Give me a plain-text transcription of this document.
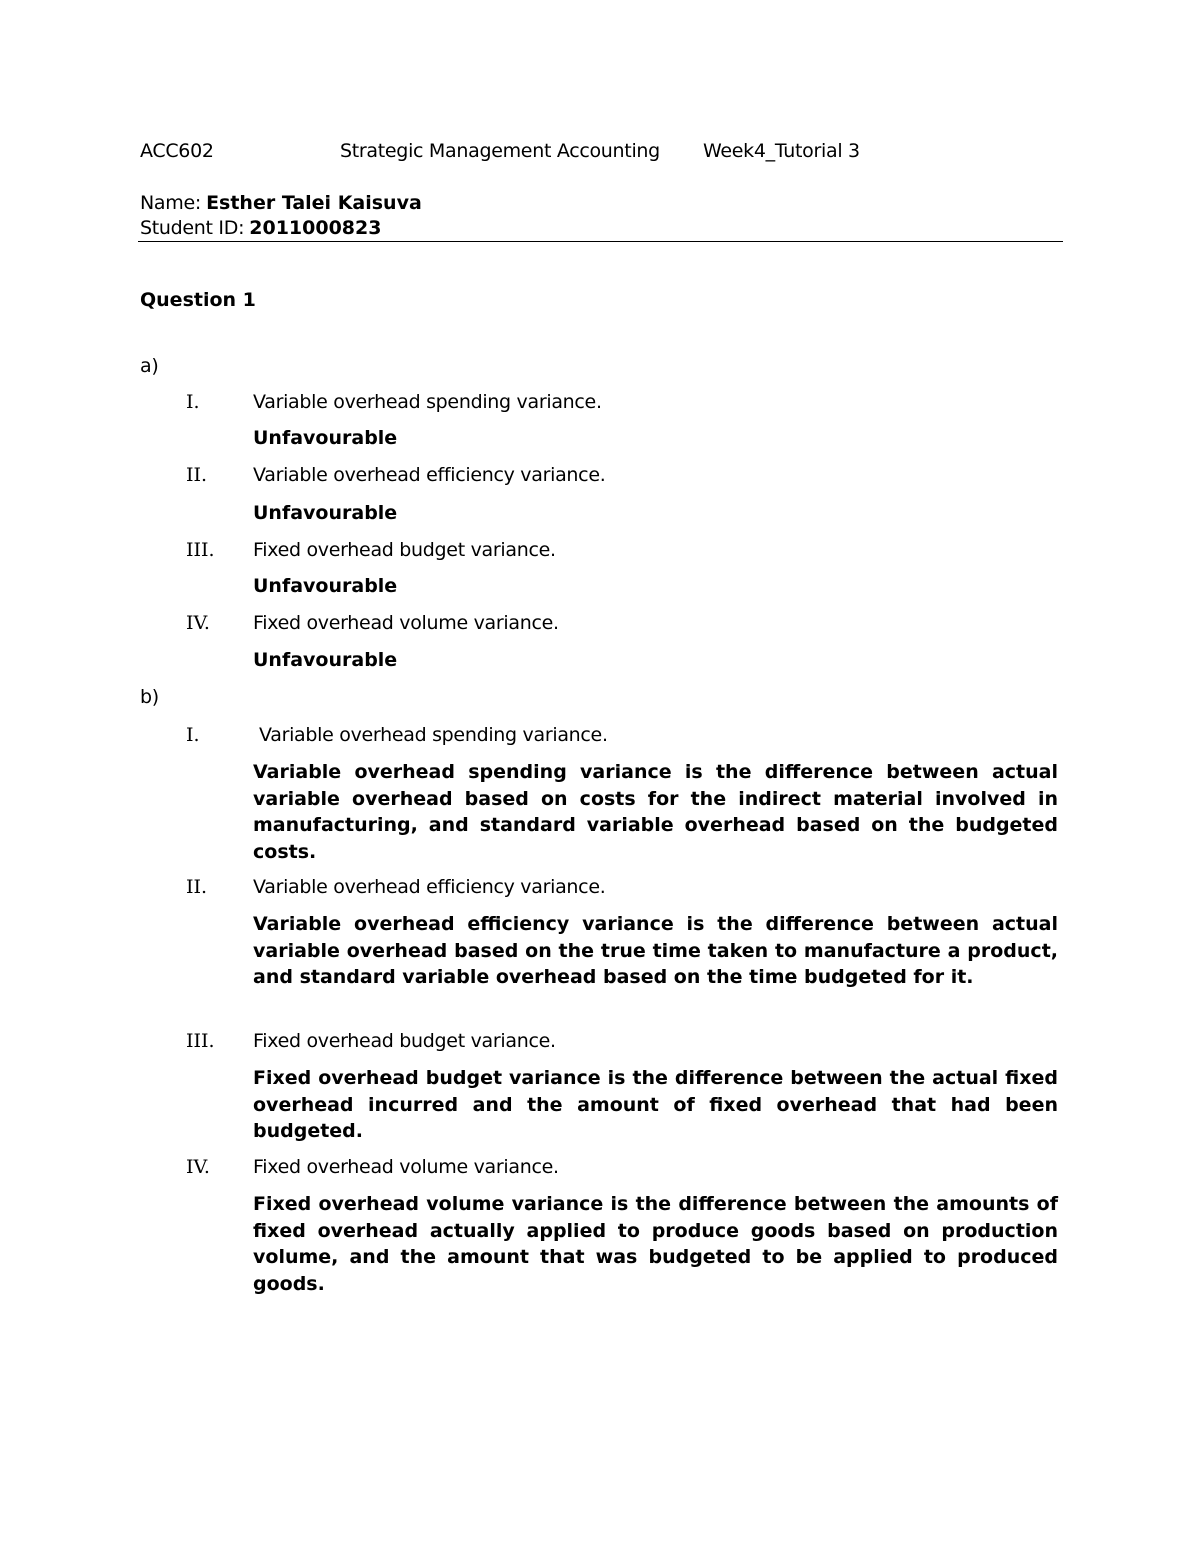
ACC602	Strategic Management Accounting Week4_Tutorial 3
Name: Esther Talei Kaisuva
Student ID: 2011000823
Question 1
a)
I.	Variable overhead spending variance.
Unfavourable
II. Variable overhead efficiency variance.
Unfavourable
III. Fixed overhead budget variance.
Unfavourable
IV. Fixed overhead volume variance.
Unfavourable
b)
I.	Variable overhead spending variance.
Variable overhead spending variance is the difference between actual variable overhead based on costs for the indirect material involved in manufacturing, and standard variable overhead based on the budgeted costs.
II. Variable overhead efficiency variance.
Variable overhead efficiency variance is the difference between actual variable overhead based on the true time taken to manufacture a product, and standard variable overhead based on the time budgeted for it.
III. Fixed overhead budget variance.
Fixed overhead budget variance is the difference between the actual fixed overhead incurred and the amount of fixed overhead that had been budgeted.
IV. Fixed overhead volume variance.
Fixed overhead volume variance is the difference between the amounts of fixed overhead actually applied to produce goods based on production volume, and the amount that was budgeted to be applied to produced goods.
